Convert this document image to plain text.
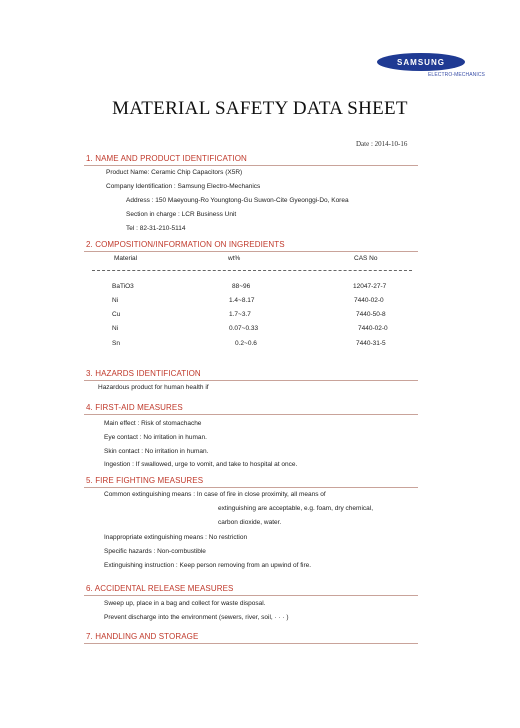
SAMSUNG
ELECTRO-MECHANICS
MATERIAL SAFETY DATA SHEET
Date : 2014-10-16
1. NAME AND PRODUCT IDENTIFICATION
Product Name: Ceramic Chip Capacitors (X5R)
Company Identification : Samsung Electro-Mechanics
Address : 150 Maeyoung-Ro Youngtong-Gu Suwon-Cite Gyeonggi-Do, Korea
Section in charge : LCR Business Unit
Tel : 82-31-210-5114
2. COMPOSITION/INFORMATION ON INGREDIENTS
Material	wt%	CAS No
BaTiO3	88~96	12047-27-7
Ni	1.4~8.17	7440-02-0
Cu	1.7~3.7	7440-50-8
Ni	0.07~0.33	7440-02-0
Sn	0.2~0.6	7440-31-5
3. HAZARDS IDENTIFICATION
Hazardous product for human health if
4. FIRST-AID MEASURES
Main effect : Risk of stomachache
Eye contact : No irritation in human.
Skin contact : No irritation in human.
Ingestion : If swallowed, urge to vomit, and take to hospital at once.
5. FIRE FIGHTING MEASURES
Common extinguishing means : In case of fire in close proximity, all means of
extinguishing are acceptable, e.g. foam, dry chemical,
carbon dioxide, water.
Inappropriate extinguishing means : No restriction
Specific hazards : Non-combustible
Extinguishing instruction : Keep person removing from an upwind of fire.
6. ACCIDENTAL RELEASE MEASURES
Sweep up, place in a bag and collect for waste disposal.
Prevent discharge into the environment (sewers, river, soil, · · · )
7. HANDLING AND STORAGE
